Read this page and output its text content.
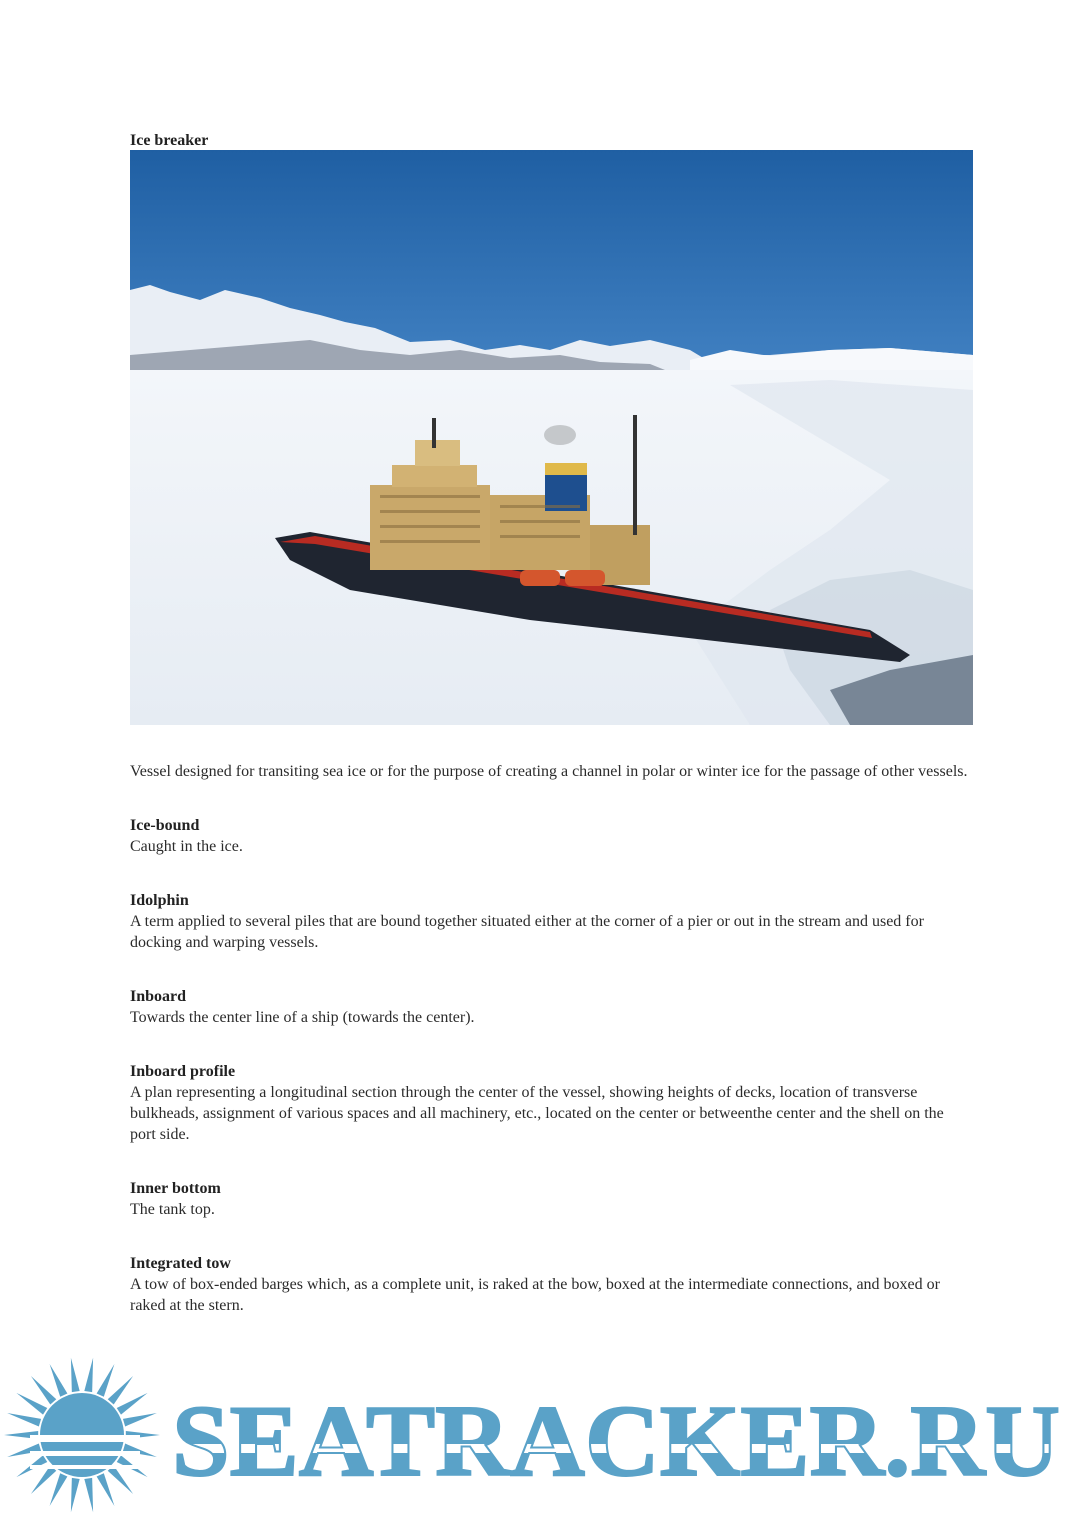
Ice breaker

Vessel designed for transiting sea ice or for the purpose of creating a channel in polar or winter ice for the passage of other vessels.

Ice-bound
Caught in the ice.
Idolphin
A term applied to several piles that are bound together situated either at the corner of a pier or out in the stream and used for docking and warping vessels.
Inboard
Towards the center line of a ship (towards the center).
Inboard profile
A plan representing a longitudinal section through the center of the vessel, showing heights of decks, location of transverse bulkheads, assignment of various spaces and all machinery, etc., located on the center or betweenthe center and the shell on the port side.
Inner bottom
The tank top.
Integrated tow
A tow of box-ended barges which, as a complete unit, is raked at the bow, boxed at the intermediate connections, and boxed or raked at the stern.
SEATRACKER.RU
